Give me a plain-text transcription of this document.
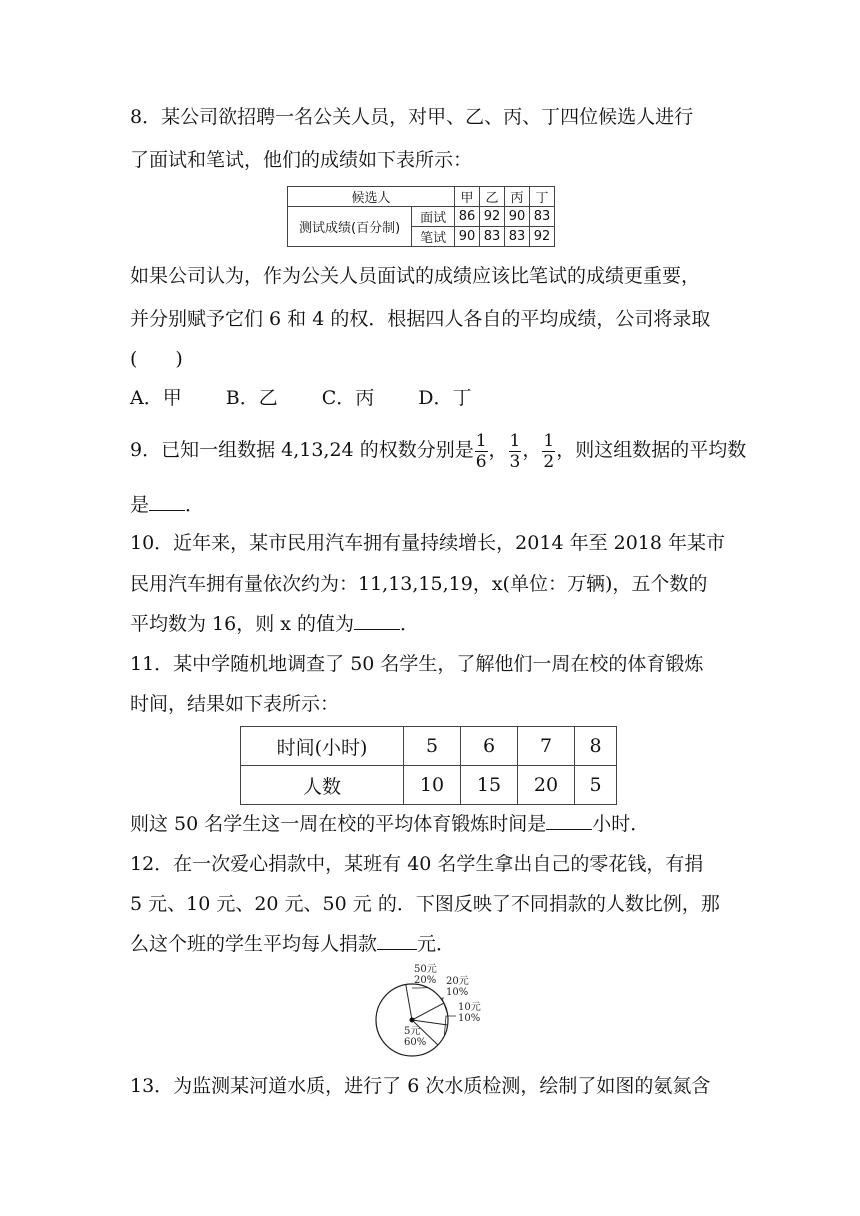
8．某公司欲招聘一名公关人员，对甲、乙、丙、丁四位候选人进行
了面试和笔试，他们的成绩如下表所示：
候选人		甲	乙	丙	丁
测试成绩(百分制)	面试	86	92	90	83
	笔试	90	83	83	92
如果公司认为，作为公关人员面试的成绩应该比笔试的成绩更重要，
并分别赋予它们 6 和 4 的权．根据四人各自的平均成绩，公司将录取
(　　)
A．甲 B．乙 C．丙 D．丁
9．已知一组数据 4,13,24 的权数分别是 $\frac{1}{6}$ ， $\frac{1}{3}$ ， $\frac{1}{2}$ ，则这组数据的平均数
是 ．
10．近年来，某市民用汽车拥有量持续增长，2014 年至 2018 年某市
民用汽车拥有量依次约为：11,13,15,19，x(单位：万辆)，五个数的
平均数为 16，则 x 的值为 ．
11．某中学随机地调查了 50 名学生，了解他们一周在校的体育锻炼
时间，结果如下表所示：
时间(小时)	5	6	7	8
人数	10	15	20	5
则这 50 名学生这一周在校的平均体育锻炼时间是 小时．
12．在一次爱心捐款中，某班有 40 名学生拿出自己的零花钱，有捐
5 元、10 元、20 元、50 元 的．下图反映了不同捐款的人数比例，那
么这个班的学生平均每人捐款 元．
50元
20% 20元
10%
10元
10%
5元
60%
13．为监测某河道水质，进行了 6 次水质检测，绘制了如图的氨氮含
